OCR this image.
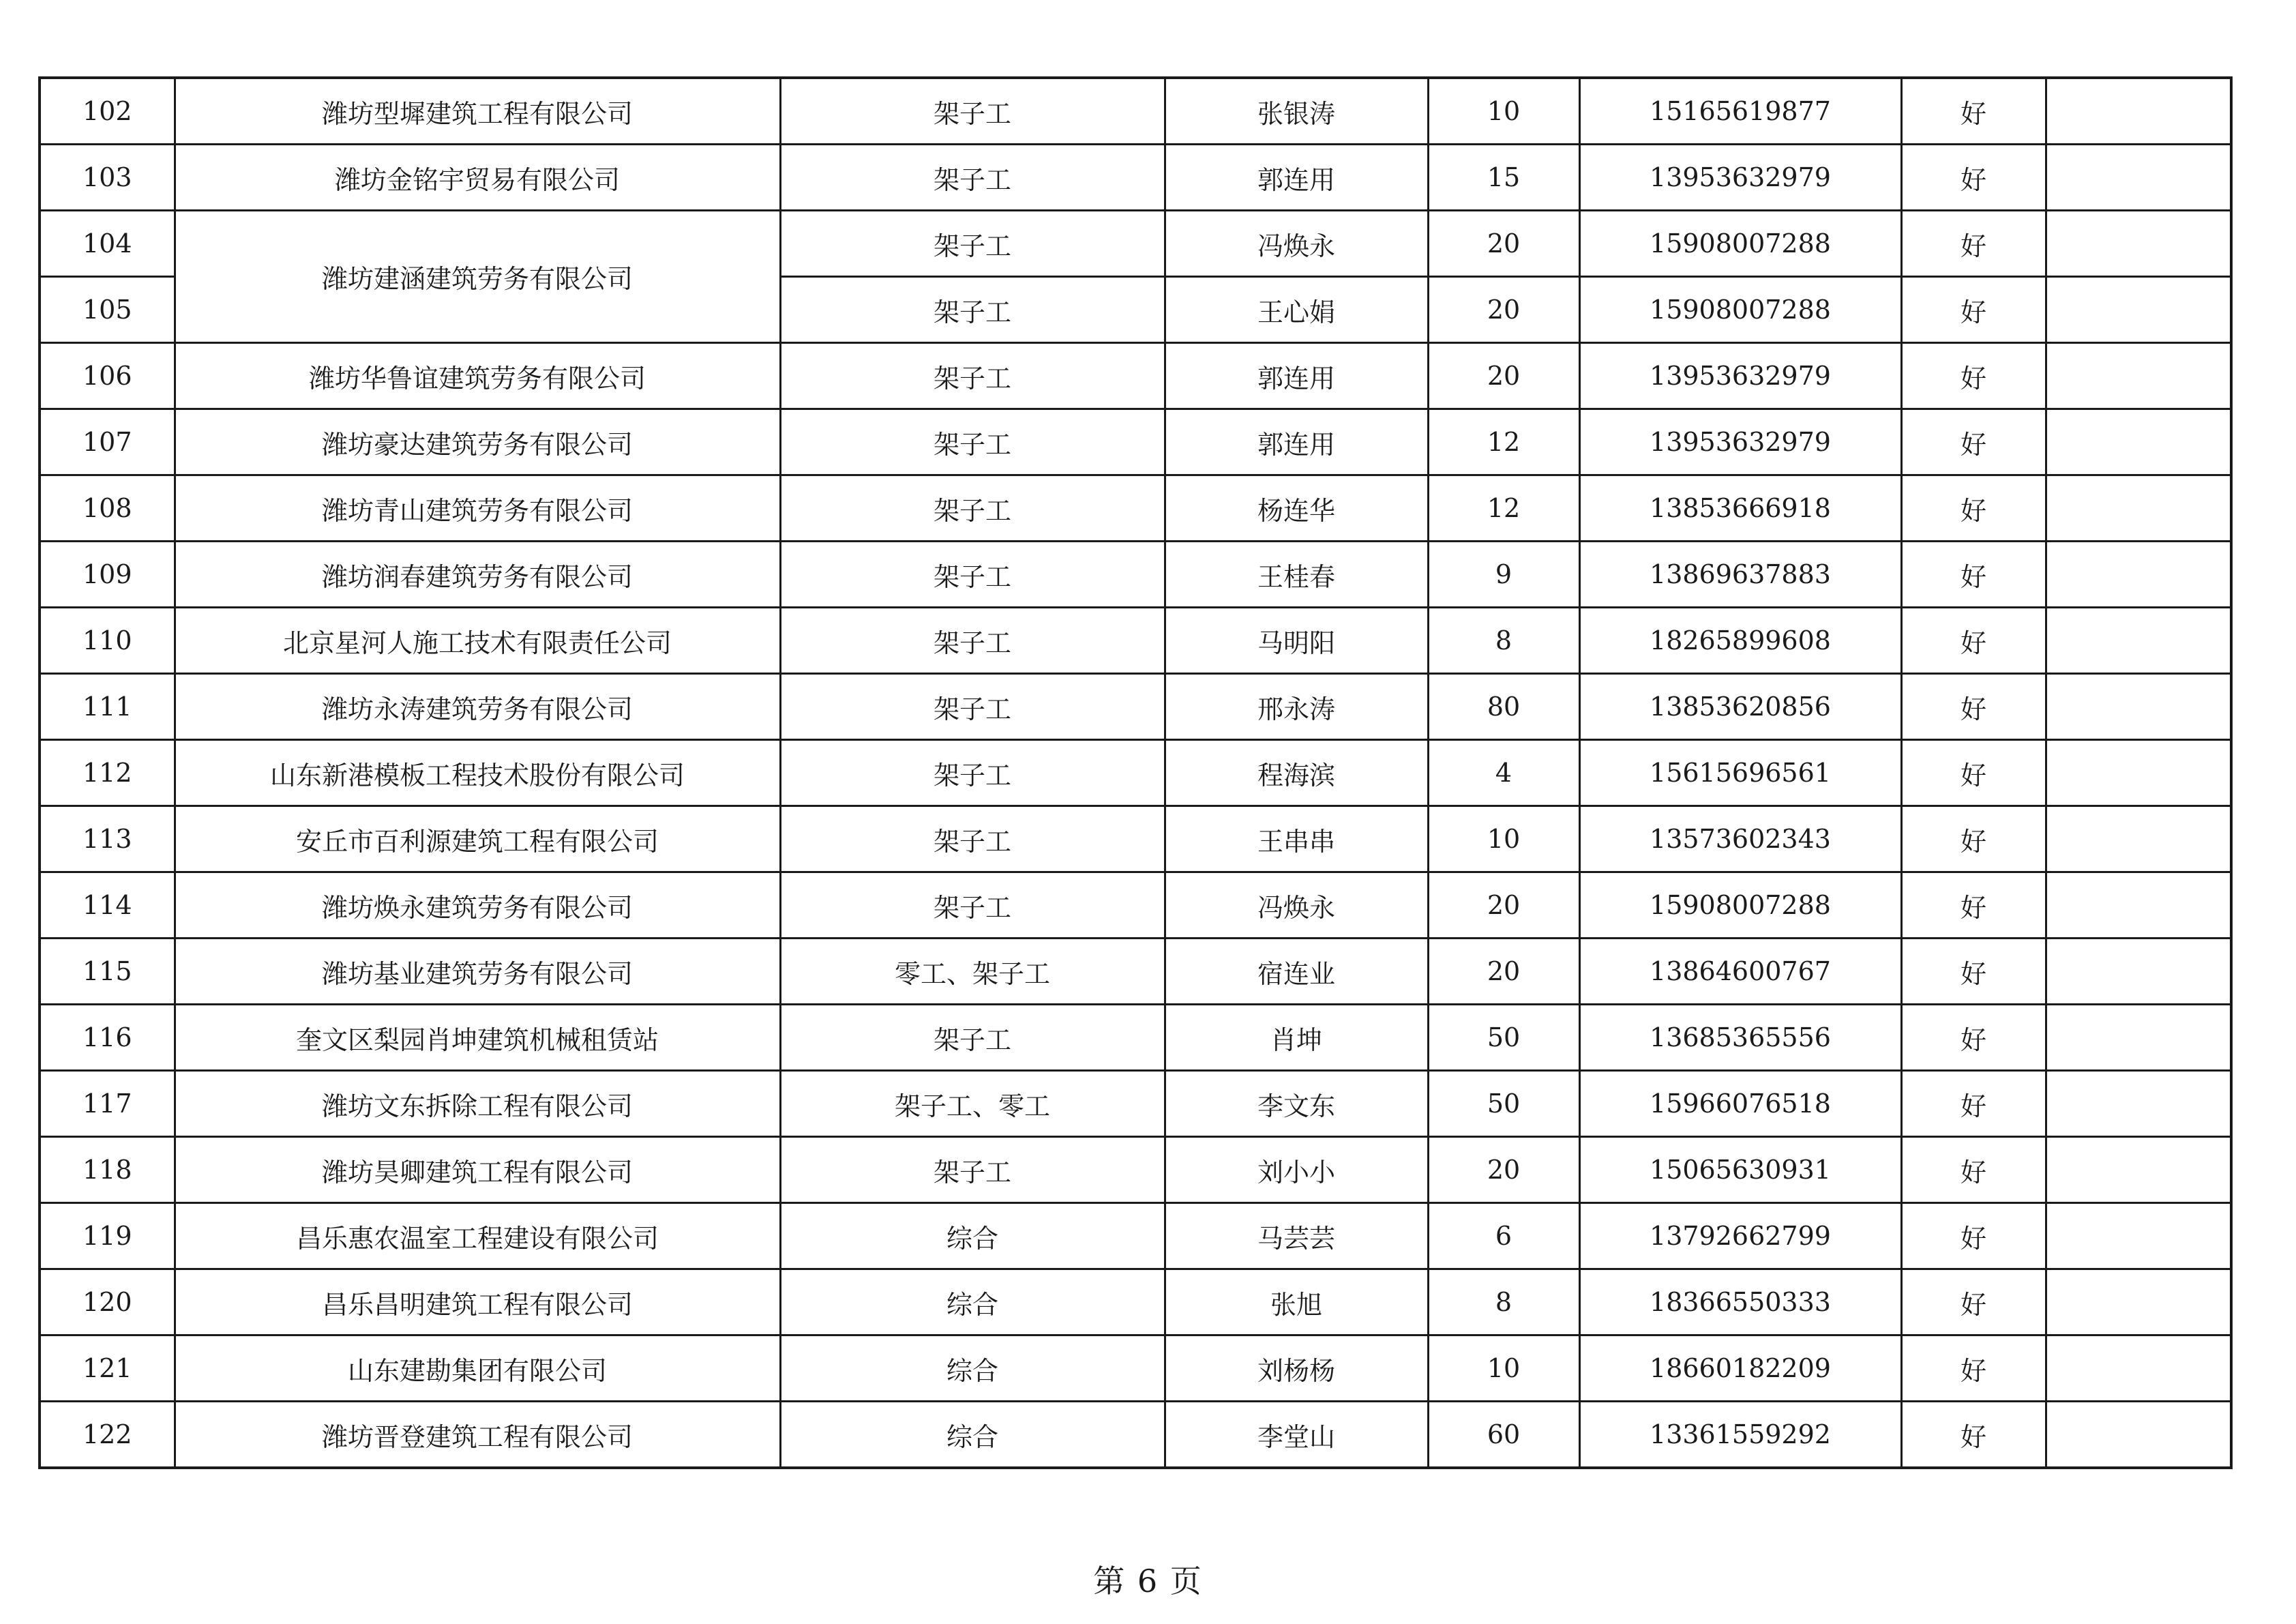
102	潍坊型墀建筑工程有限公司	架子工	张银涛	10	15165619877	好	
103	潍坊金铭宇贸易有限公司	架子工	郭连用	15	13953632979	好	
104	潍坊建涵建筑劳务有限公司	架子工	冯焕永	20	15908007288	好	
105		架子工	王心娟	20	15908007288	好	
106	潍坊华鲁谊建筑劳务有限公司	架子工	郭连用	20	13953632979	好	
107	潍坊豪达建筑劳务有限公司	架子工	郭连用	12	13953632979	好	
108	潍坊青山建筑劳务有限公司	架子工	杨连华	12	13853666918	好	
109	潍坊润春建筑劳务有限公司	架子工	王桂春	9	13869637883	好	
110	北京星河人施工技术有限责任公司	架子工	马明阳	8	18265899608	好	
111	潍坊永涛建筑劳务有限公司	架子工	邢永涛	80	13853620856	好	
112	山东新港模板工程技术股份有限公司	架子工	程海滨	4	15615696561	好	
113	安丘市百利源建筑工程有限公司	架子工	王串串	10	13573602343	好	
114	潍坊焕永建筑劳务有限公司	架子工	冯焕永	20	15908007288	好	
115	潍坊基业建筑劳务有限公司	零工、架子工	宿连业	20	13864600767	好	
116	奎文区梨园肖坤建筑机械租赁站	架子工	肖坤	50	13685365556	好	
117	潍坊文东拆除工程有限公司	架子工、零工	李文东	50	15966076518	好	
118	潍坊昊卿建筑工程有限公司	架子工	刘小小	20	15065630931	好	
119	昌乐惠农温室工程建设有限公司	综合	马芸芸	6	13792662799	好	
120	昌乐昌明建筑工程有限公司	综合	张旭	8	18366550333	好	
121	山东建勘集团有限公司	综合	刘杨杨	10	18660182209	好	
122	潍坊晋登建筑工程有限公司	综合	李堂山	60	13361559292	好	
第 6 页
